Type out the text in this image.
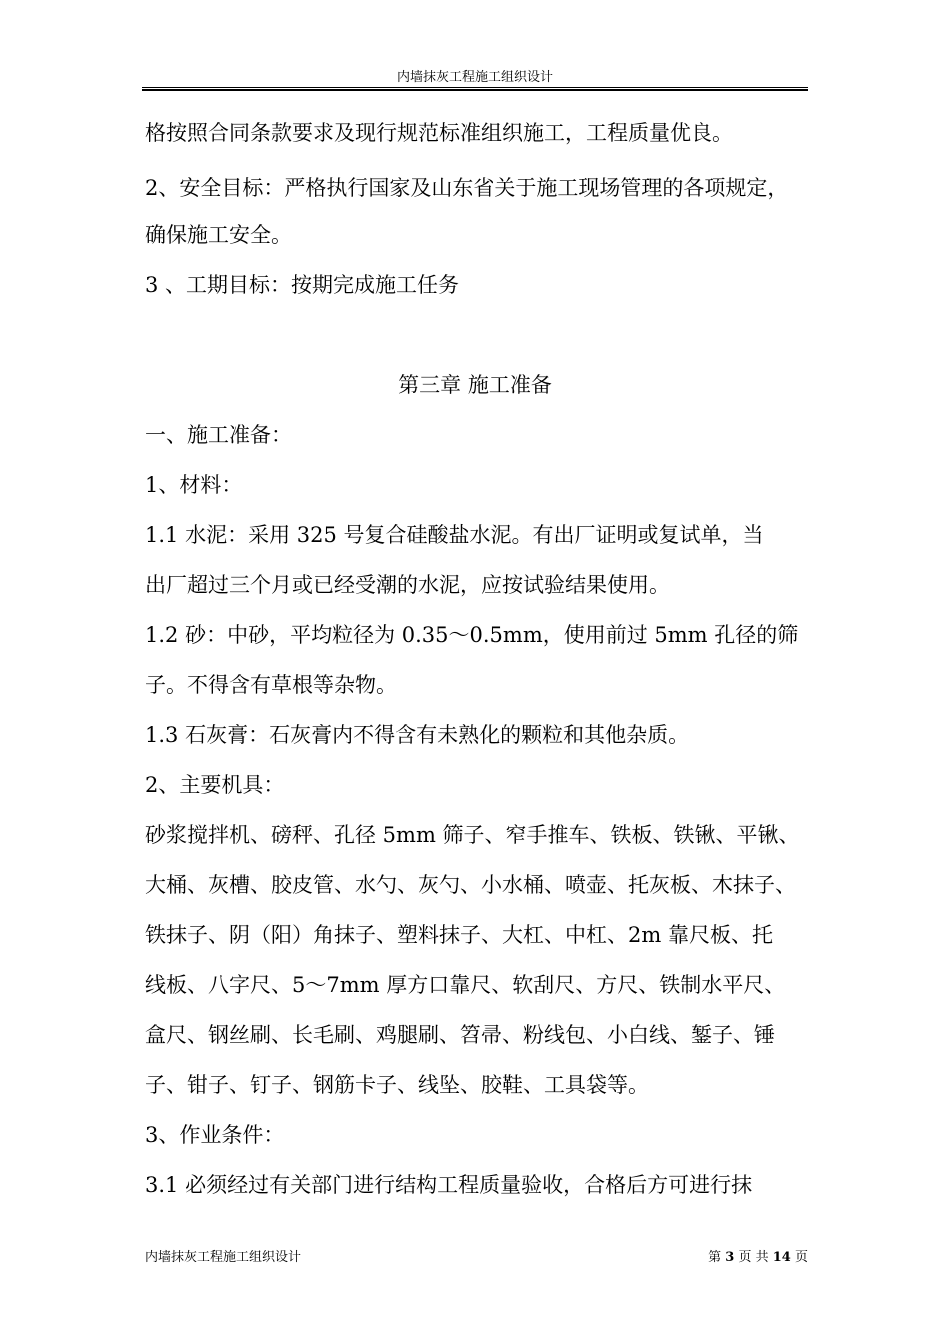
内墙抹灰工程施工组织设计
格按照合同条款要求及现行规范标准组织施工，工程质量优良。
2、安全目标：严格执行国家及山东省关于施工现场管理的各项规定，
确保施工安全。
3 、工期目标：按期完成施工任务
第三章 施工准备
一、施工准备：
1、材料：
1.1 水泥：采用 325 号复合硅酸盐水泥。有出厂证明或复试单，当
出厂超过三个月或已经受潮的水泥，应按试验结果使用。
1.2 砂：中砂，平均粒径为 0.35～0.5mm，使用前过 5mm 孔径的筛
子。不得含有草根等杂物。
1.3 石灰膏：石灰膏内不得含有未熟化的颗粒和其他杂质。
2、主要机具：
砂浆搅拌机、磅秤、孔径 5mm 筛子、窄手推车、铁板、铁锹、平锹、
大桶、灰槽、胶皮管、水勺、灰勺、小水桶、喷壶、托灰板、木抹子、
铁抹子、阴（阳）角抹子、塑料抹子、大杠、中杠、2m 靠尺板、托
线板、八字尺、5～7mm 厚方口靠尺、软刮尺、方尺、铁制水平尺、
盒尺、钢丝刷、长毛刷、鸡腿刷、笤帚、粉线包、小白线、錾子、锤
子、钳子、钉子、钢筋卡子、线坠、胶鞋、工具袋等。
3、作业条件：
3.1 必须经过有关部门进行结构工程质量验收，合格后方可进行抹
内墙抹灰工程施工组织设计	第 3 页 共 14 页
